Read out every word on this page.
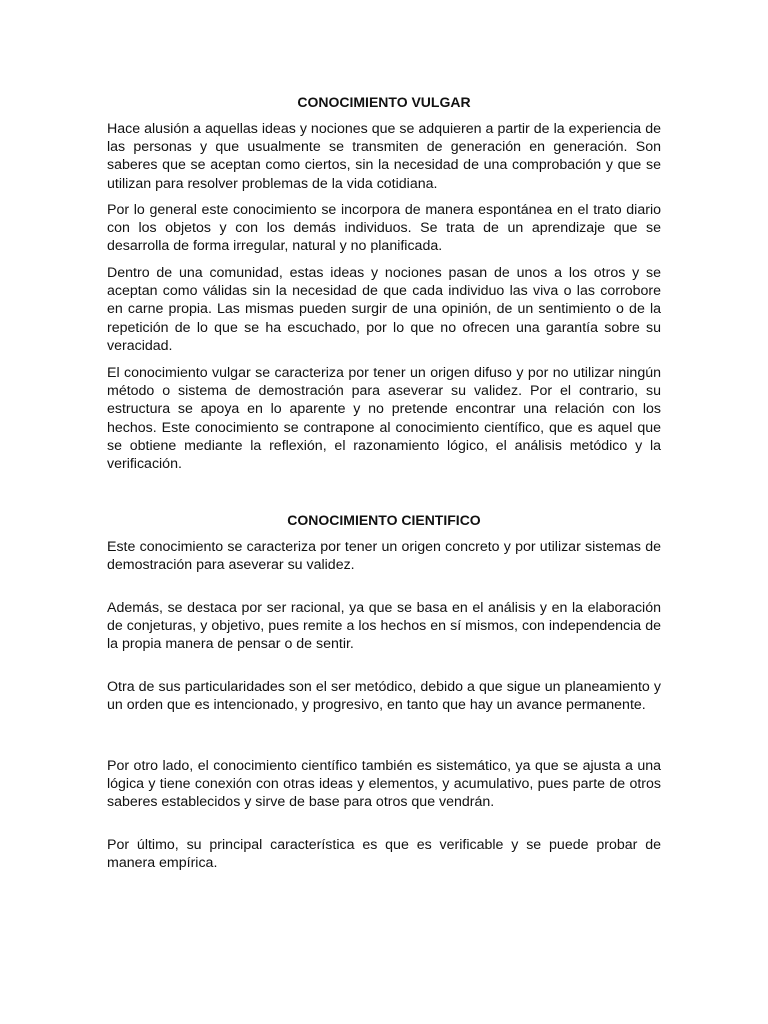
CONOCIMIENTO VULGAR

Hace alusión a aquellas ideas y nociones que se adquieren a partir de la experiencia de las personas y que usualmente se transmiten de generación en generación. Son saberes que se aceptan como ciertos, sin la necesidad de una comprobación y que se utilizan para resolver problemas de la vida cotidiana.

Por lo general este conocimiento se incorpora de manera espontánea en el trato diario con los objetos y con los demás individuos. Se trata de un aprendizaje que se desarrolla de forma irregular, natural y no planificada.

Dentro de una comunidad, estas ideas y nociones pasan de unos a los otros y se aceptan como válidas sin la necesidad de que cada individuo las viva o las corrobore en carne propia. Las mismas pueden surgir de una opinión, de un sentimiento o de la repetición de lo que se ha escuchado, por lo que no ofrecen una garantía sobre su veracidad.

El conocimiento vulgar se caracteriza por tener un origen difuso y por no utilizar ningún método o sistema de demostración para aseverar su validez. Por el contrario, su estructura se apoya en lo aparente y no pretende encontrar una relación con los hechos. Este conocimiento se contrapone al conocimiento científico, que es aquel que se obtiene mediante la reflexión, el razonamiento lógico, el análisis metódico y la verificación.

CONOCIMIENTO CIENTIFICO

Este conocimiento se caracteriza por tener un origen concreto y por utilizar sistemas de demostración para aseverar su validez.

Además, se destaca por ser racional, ya que se basa en el análisis y en la elaboración de conjeturas, y objetivo, pues remite a los hechos en sí mismos, con independencia de la propia manera de pensar o de sentir.

Otra de sus particularidades son el ser metódico, debido a que sigue un planeamiento y un orden que es intencionado, y progresivo, en tanto que hay un avance permanente.

Por otro lado, el conocimiento científico también es sistemático, ya que se ajusta a una lógica y tiene conexión con otras ideas y elementos, y acumulativo, pues parte de otros saberes establecidos y sirve de base para otros que vendrán.

Por último, su principal característica es que es verificable y se puede probar de manera empírica.
